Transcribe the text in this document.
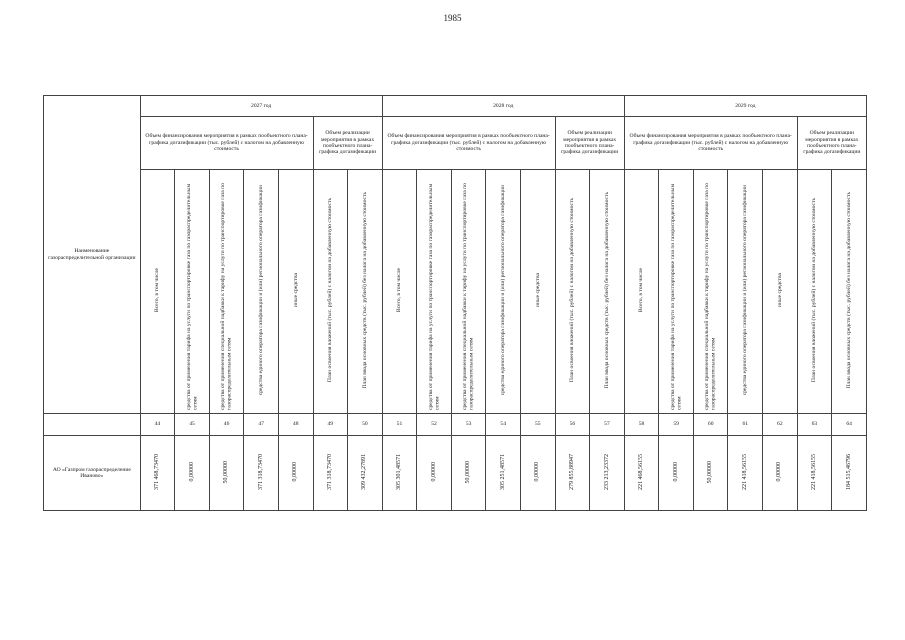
1985
Наименование газораспределительной организации	2027 год							2028 год							2029 год						
	Объем финансирования мероприятия в рамках пообъектного плана-графика догазификации (тыс. рублей) с налогом на добавленную стоимость					Объем реализации мероприятия в рамках пообъектного плана-графика догазификации		Объем финансирования мероприятия в рамках пообъектного плана-графика догазификации (тыс. рублей) с налогом на добавленную стоимость					Объем реализации мероприятия в рамках пообъектного плана-графика догазификации		Объем финансирования мероприятия в рамках пообъектного плана-графика догазификации (тыс. рублей) с налогом на добавленную стоимость					Объем реализации мероприятия в рамках пообъектного плана-графика догазификации	
	Всего, в том числе	средства от применения тарифа на услуги по транспортировке газа по газораспределительным сетям	средства от применения специальной надбавки к тарифу на услуги по транспортировке газа по газораспределительным сетям	средства единого оператора газификации и (или) регионального оператора газификации	иные средства	План освоения вложений (тыс. рублей) с налогом на добавленную стоимость	План ввода основных средств (тыс. рублей) без налога на добавленную стоимость	Всего, в том числе	средства от применения тарифа на услуги по транспортировке газа по газораспределительным сетям	средства от применения специальной надбавки к тарифу на услуги по транспортировке газа по газораспределительным сетям	средства единого оператора газификации и (или) регионального оператора газификации	иные средства	План освоения вложений (тыс. рублей) с налогом на добавленную стоимость	План ввода основных средств (тыс. рублей) без налога на добавленную стоимость	Всего, в том числе	средства от применения тарифа на услуги по транспортировке газа по газораспределительным сетям	средства от применения специальной надбавки к тарифу на услуги по транспортировке газа по газораспределительным сетям	средства единого оператора газификации и (или) регионального оператора газификации	иные средства	План освоения вложений (тыс. рублей) с налогом на добавленную стоимость	План ввода основных средств (тыс. рублей) без налога на добавленную стоимость
	44	45	46	47	48	49	50	51	52	53	54	55	56	57	58	59	60	61	62	63	64
АО «Газпром газораспределение Иваново»	371 468,73470	0,00000	50,00000	371 318,73470	0,00000	371 318,73470	309 432,27891	305 301,48571	0,00000	50,00000	305 251,48571	0,00000	279 855,88947	233 213,23372	221 468,56155	0,00000	50,00000	221 418,56155	0,00000	221 418,56155	184 515,46796
